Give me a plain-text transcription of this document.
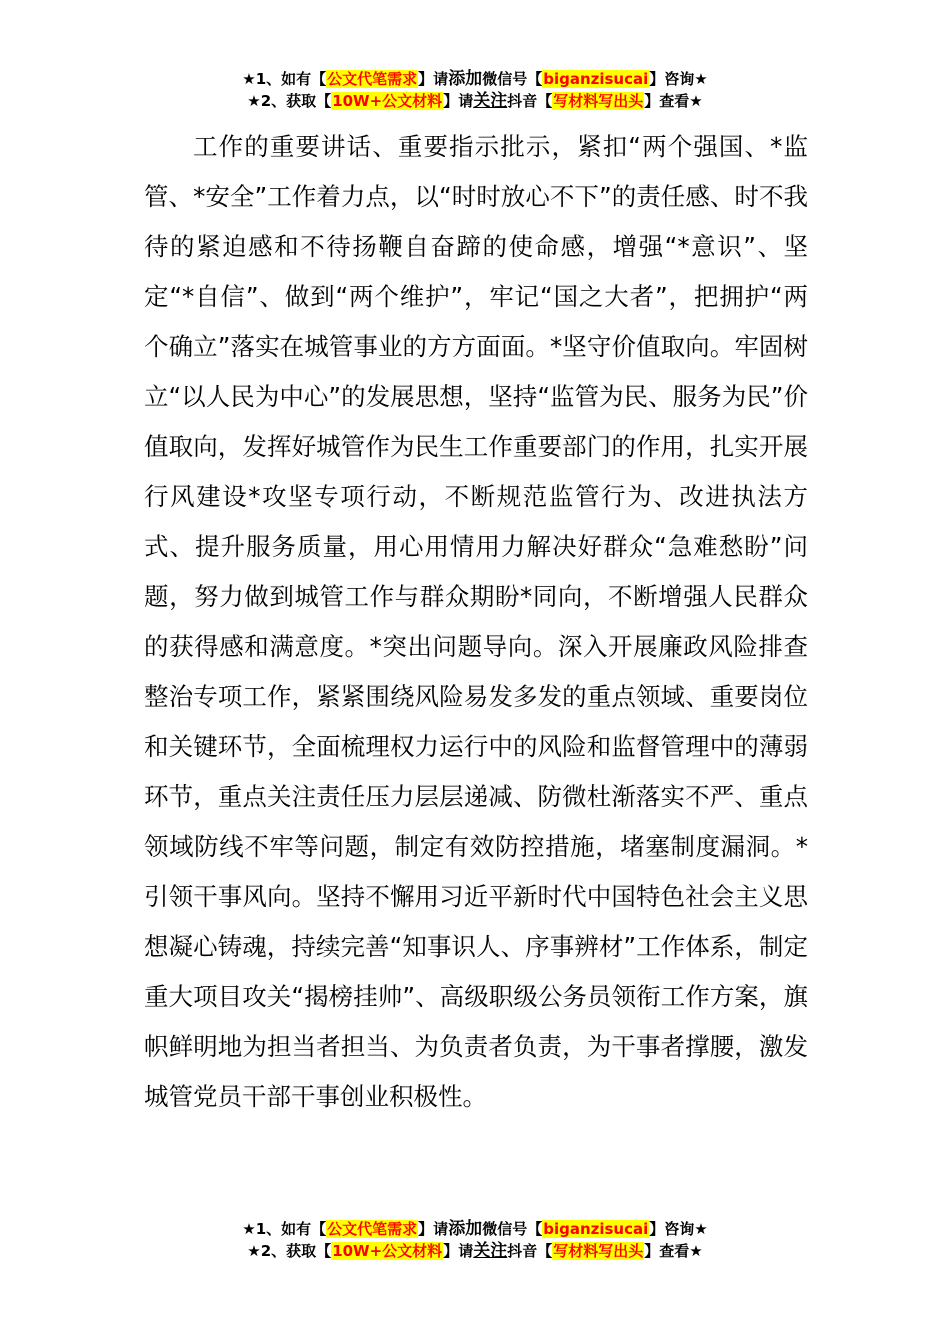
★1、如有【公文代笔需求】请添加微信号【biganzisucai】咨询★
★2、获取【10W+公文材料】请关注抖音【写材料写出头】查看★

工作的重要讲话、重要指示批示，紧扣“两个强国、*监管、*安全”工作着力点，以“时时放心不下”的责任感、时不我待的紧迫感和不待扬鞭自奋蹄的使命感，增强“*意识”、坚定“*自信”、做到“两个维护”，牢记“国之大者”，把拥护“两个确立”落实在城管事业的方方面面。*坚守价值取向。牢固树立“以人民为中心”的发展思想，坚持“监管为民、服务为民”价值取向，发挥好城管作为民生工作重要部门的作用，扎实开展行风建设*攻坚专项行动，不断规范监管行为、改进执法方式、提升服务质量，用心用情用力解决好群众“急难愁盼”问题，努力做到城管工作与群众期盼*同向，不断增强人民群众的获得感和满意度。*突出问题导向。深入开展廉政风险排查整治专项工作，紧紧围绕风险易发多发的重点领域、重要岗位和关键环节，全面梳理权力运行中的风险和监督管理中的薄弱环节，重点关注责任压力层层递减、防微杜渐落实不严、重点领域防线不牢等问题，制定有效防控措施，堵塞制度漏洞。*引领干事风向。坚持不懈用习近平新时代中国特色社会主义思想凝心铸魂，持续完善“知事识人、序事辨材”工作体系，制定重大项目攻关“揭榜挂帅”、高级职级公务员领衔工作方案，旗帜鲜明地为担当者担当、为负责者负责，为干事者撑腰，激发城管党员干部干事创业积极性。

★1、如有【公文代笔需求】请添加微信号【biganzisucai】咨询★
★2、获取【10W+公文材料】请关注抖音【写材料写出头】查看★
